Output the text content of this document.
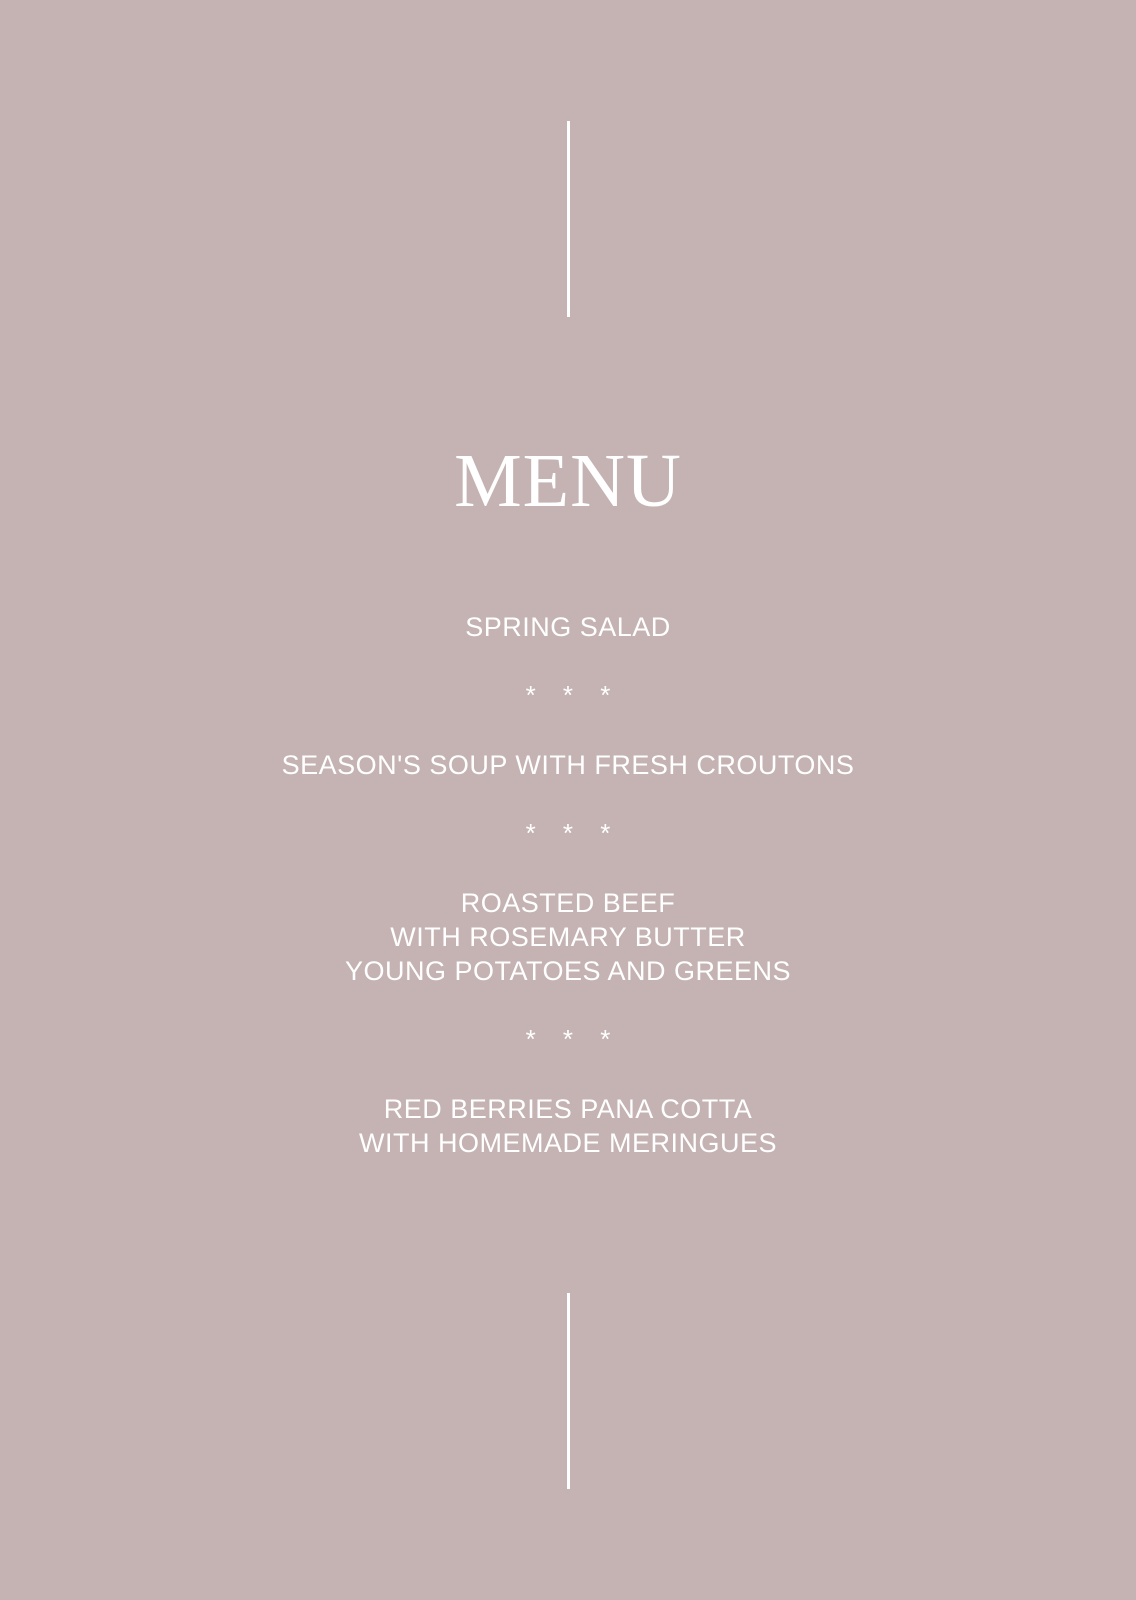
MENU
SPRING SALAD
* * *
SEASON'S SOUP WITH FRESH CROUTONS
* * *
ROASTED BEEF
WITH ROSEMARY BUTTER
YOUNG POTATOES AND GREENS
* * *
RED BERRIES PANA COTTA
WITH HOMEMADE MERINGUES
